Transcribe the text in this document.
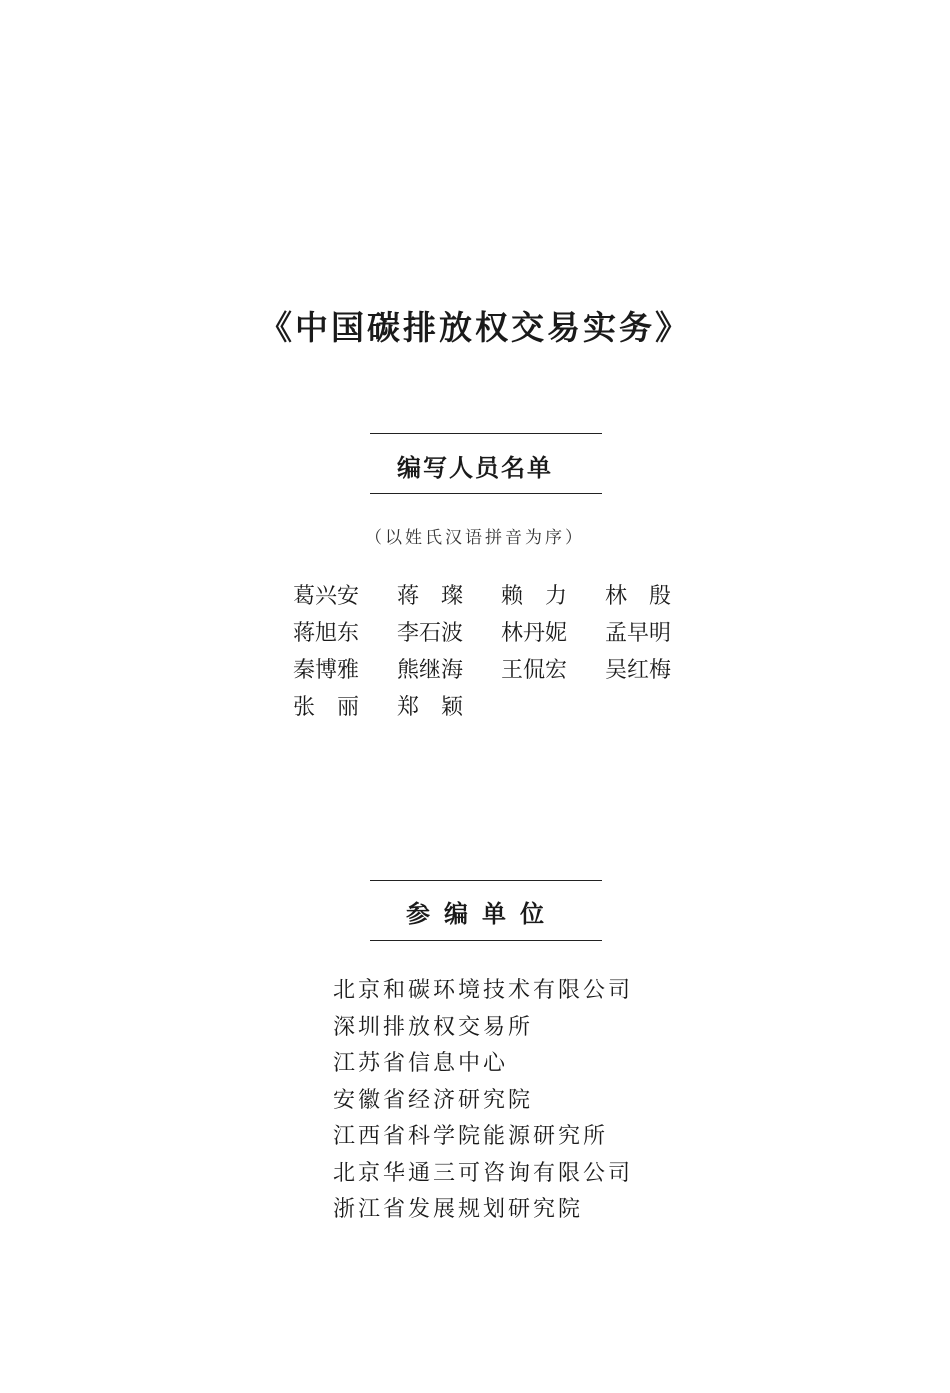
《中国碳排放权交易实务》
编写人员名单
（以姓氏汉语拼音为序）
葛兴安	蒋　璨	赖　力	林　殷
蒋旭东	李石波	林丹妮	孟早明
秦博雅	熊继海	王侃宏	吴红梅
张　丽	郑　颖
参编单位
北京和碳环境技术有限公司
深圳排放权交易所
江苏省信息中心
安徽省经济研究院
江西省科学院能源研究所
北京华通三可咨询有限公司
浙江省发展规划研究院
